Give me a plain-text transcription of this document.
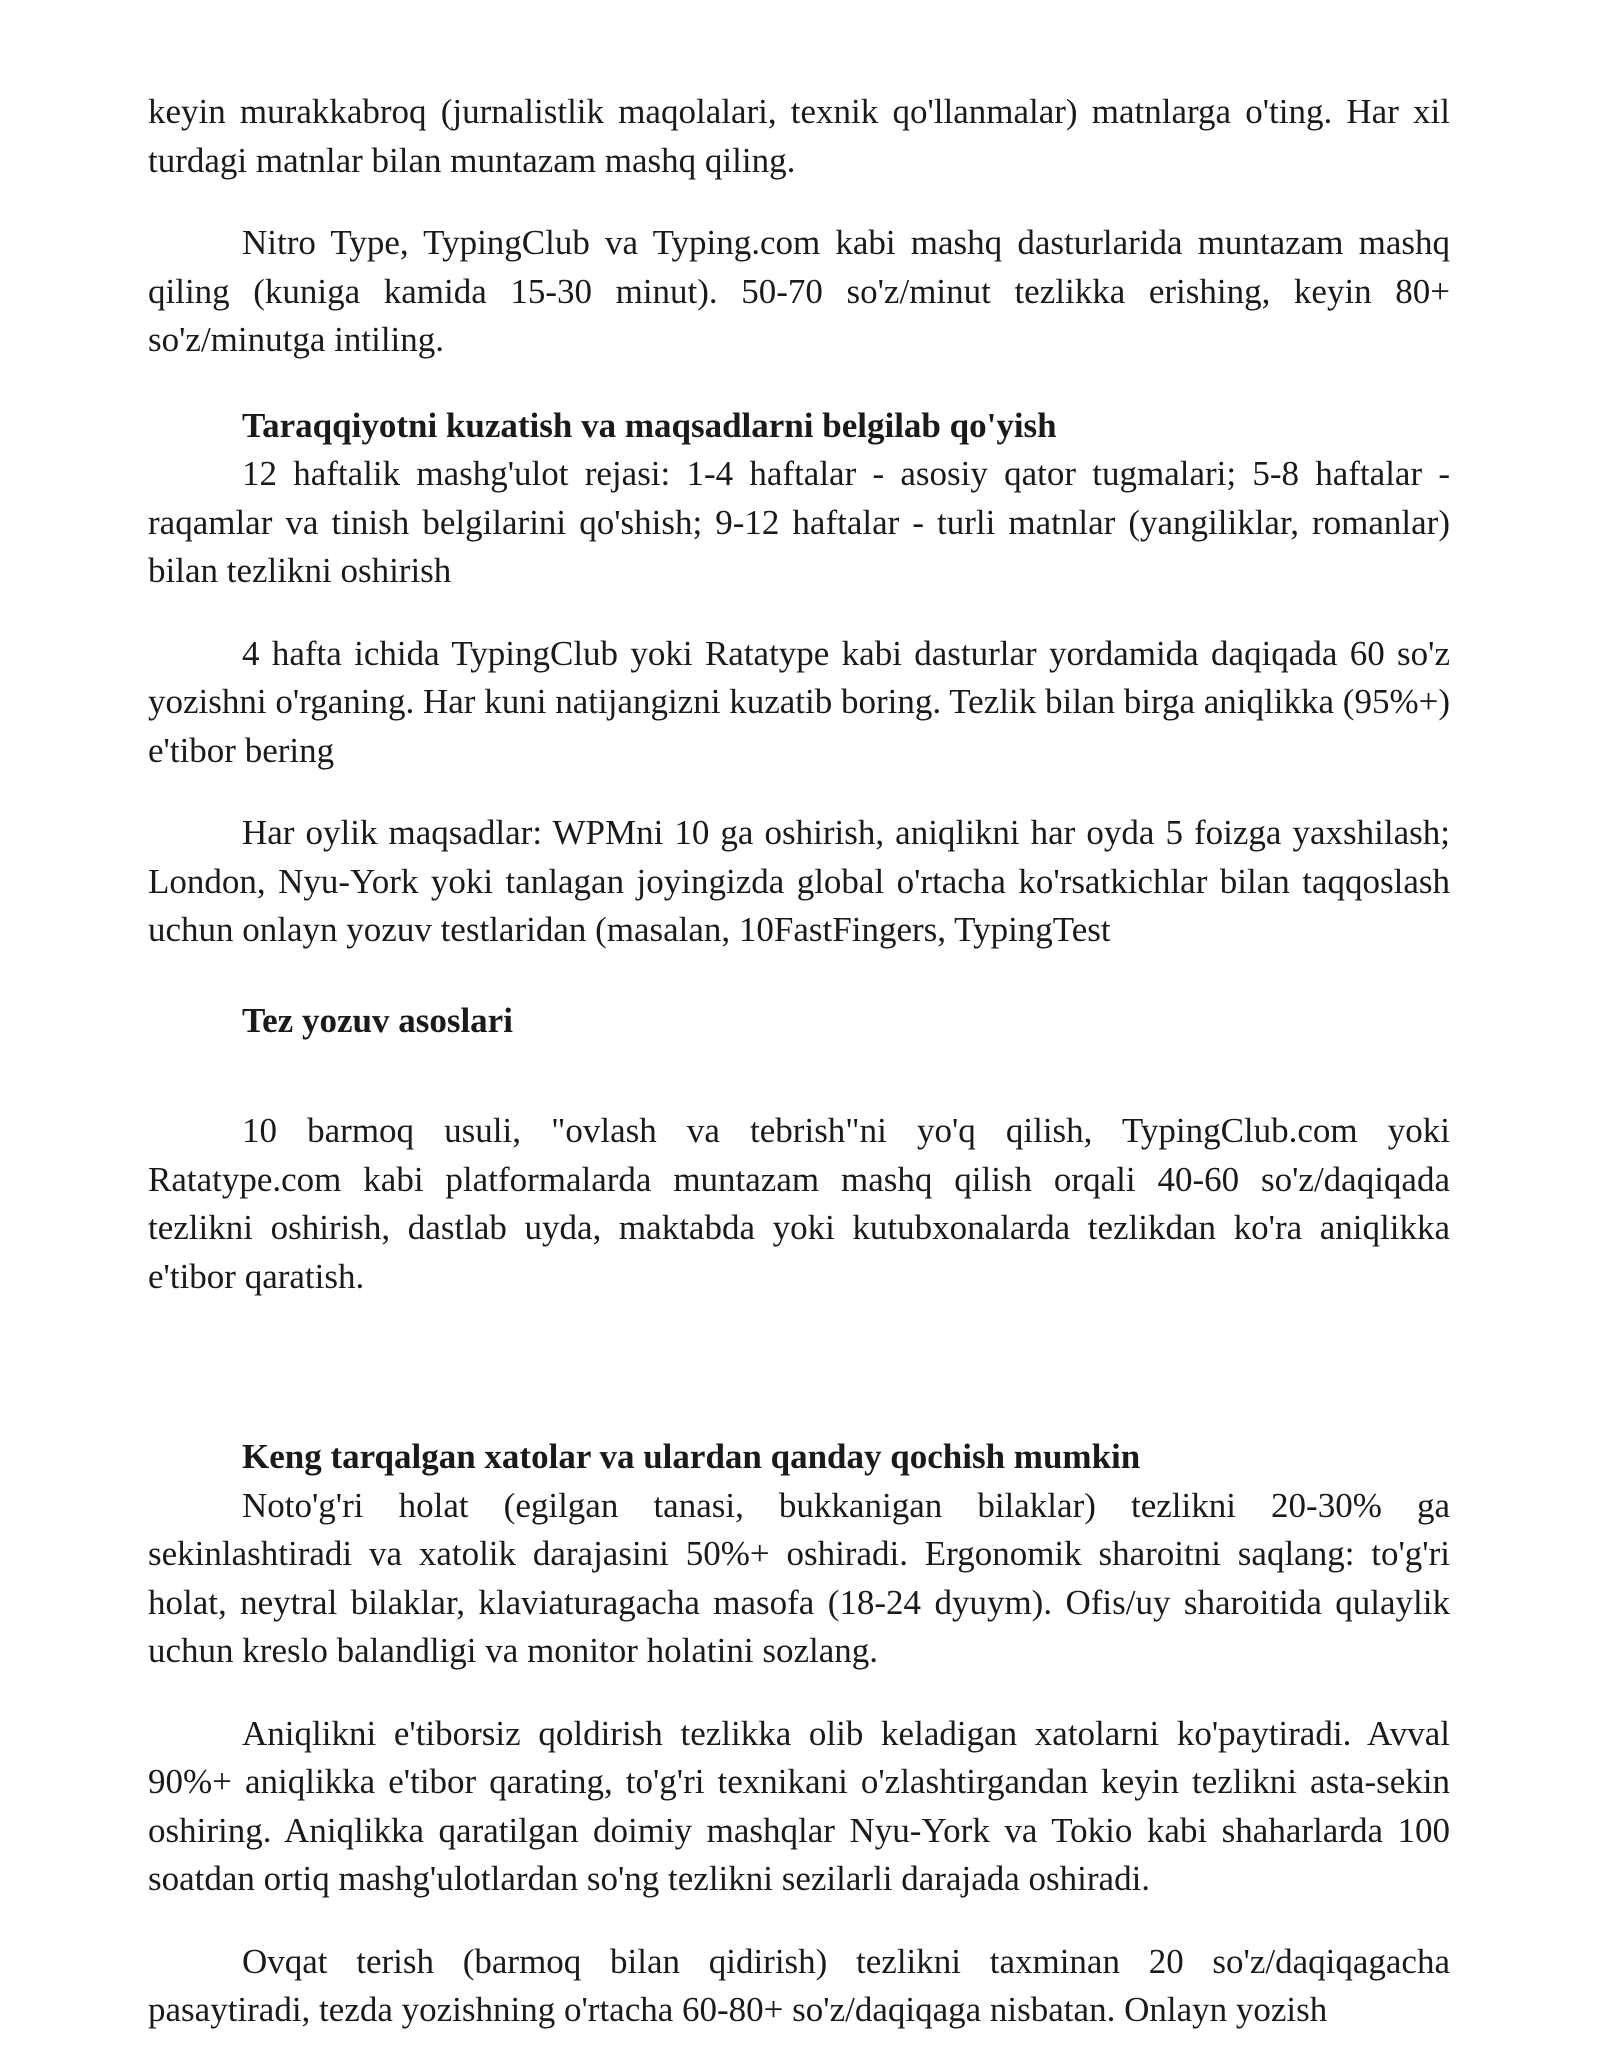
keyin murakkabroq (jurnalistlik maqolalari, texnik qo'llanmalar) matnlarga o'ting. Har xil turdagi matnlar bilan muntazam mashq qiling.

Nitro Type, TypingClub va Typing.com kabi mashq dasturlarida muntazam mashq qiling (kuniga kamida 15-30 minut). 50-70 so'z/minut tezlikka erishing, keyin 80+ so'z/minutga intiling.

Taraqqiyotni kuzatish va maqsadlarni belgilab qo'yish

12 haftalik mashg'ulot rejasi: 1-4 haftalar - asosiy qator tugmalari; 5-8 haftalar - raqamlar va tinish belgilarini qo'shish; 9-12 haftalar - turli matnlar (yangiliklar, romanlar) bilan tezlikni oshirish

4 hafta ichida TypingClub yoki Ratatype kabi dasturlar yordamida daqiqada 60 so'z yozishni o'rganing. Har kuni natijangizni kuzatib boring. Tezlik bilan birga aniqlikka (95%+) e'tibor bering

Har oylik maqsadlar: WPMni 10 ga oshirish, aniqlikni har oyda 5 foizga yaxshilash; London, Nyu-York yoki tanlagan joyingizda global o'rtacha ko'rsatkichlar bilan taqqoslash uchun onlayn yozuv testlaridan (masalan, 10FastFingers, TypingTest

Tez yozuv asoslari

10 barmoq usuli, "ovlash va tebrish"ni yo'q qilish, TypingClub.com yoki Ratatype.com kabi platformalarda muntazam mashq qilish orqali 40-60 so'z/daqiqada tezlikni oshirish, dastlab uyda, maktabda yoki kutubxonalarda tezlikdan ko'ra aniqlikka e'tibor qaratish.

Keng tarqalgan xatolar va ulardan qanday qochish mumkin

Noto'g'ri holat (egilgan tanasi, bukkanigan bilaklar) tezlikni 20-30% ga sekinlashtiradi va xatolik darajasini 50%+ oshiradi. Ergonomik sharoitni saqlang: to'g'ri holat, neytral bilaklar, klaviaturagacha masofa (18-24 dyuym). Ofis/uy sharoitida qulaylik uchun kreslo balandligi va monitor holatini sozlang.

Aniqlikni e'tiborsiz qoldirish tezlikka olib keladigan xatolarni ko'paytiradi. Avval 90%+ aniqlikka e'tibor qarating, to'g'ri texnikani o'zlashtirgandan keyin tezlikni asta-sekin oshiring. Aniqlikka qaratilgan doimiy mashqlar Nyu-York va Tokio kabi shaharlarda 100 soatdan ortiq mashg'ulotlardan so'ng tezlikni sezilarli darajada oshiradi.

Ovqat terish (barmoq bilan qidirish) tezlikni taxminan 20 so'z/daqiqagacha pasaytiradi, tezda yozishning o'rtacha 60-80+ so'z/daqiqaga nisbatan. Onlayn yozish
